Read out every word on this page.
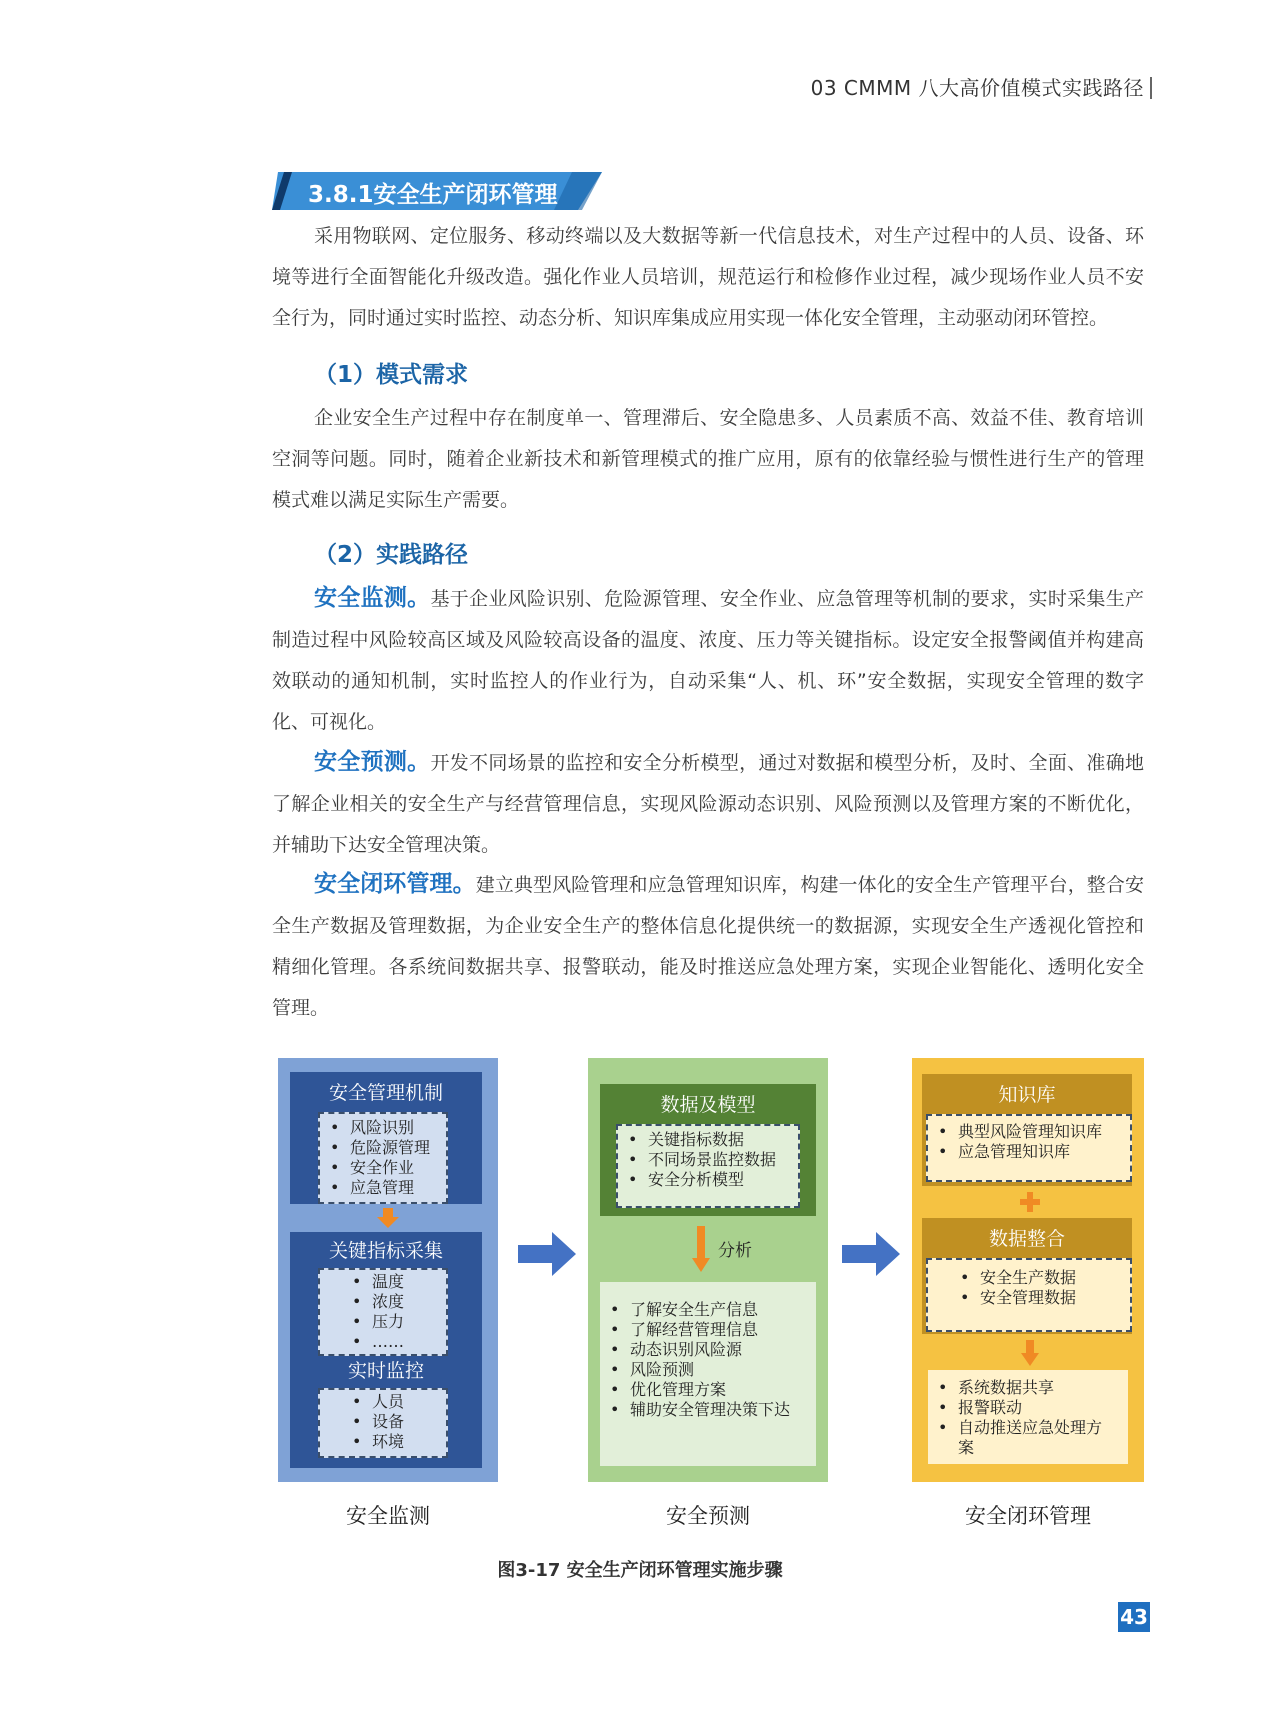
03 CMMM 八大高价值模式实践路径
3.8.1安全生产闭环管理
采用物联网、定位服务、移动终端以及大数据等新一代信息技术，对生产过程中的人员、设备、环境等进行全面智能化升级改造。强化作业人员培训，规范运行和检修作业过程，减少现场作业人员不安全行为，同时通过实时监控、动态分析、知识库集成应用实现一体化安全管理，主动驱动闭环管控。
（1）模式需求
企业安全生产过程中存在制度单一、管理滞后、安全隐患多、人员素质不高、效益不佳、教育培训空洞等问题。同时，随着企业新技术和新管理模式的推广应用，原有的依靠经验与惯性进行生产的管理模式难以满足实际生产需要。
（2）实践路径
安全监测。基于企业风险识别、危险源管理、安全作业、应急管理等机制的要求，实时采集生产制造过程中风险较高区域及风险较高设备的温度、浓度、压力等关键指标。设定安全报警阈值并构建高效联动的通知机制，实时监控人的作业行为，自动采集“人、机、环”安全数据，实现安全管理的数字化、可视化。
安全预测。开发不同场景的监控和安全分析模型，通过对数据和模型分析，及时、全面、准确地了解企业相关的安全生产与经营管理信息，实现风险源动态识别、风险预测以及管理方案的不断优化，并辅助下达安全管理决策。
安全闭环管理。建立典型风险管理和应急管理知识库，构建一体化的安全生产管理平台，整合安全生产数据及管理数据，为企业安全生产的整体信息化提供统一的数据源，实现安全生产透视化管控和精细化管理。各系统间数据共享、报警联动，能及时推送应急处理方案，实现企业智能化、透明化安全管理。
安全管理机制
• 风险识别
• 危险源管理
• 安全作业
• 应急管理
关键指标采集
• 温度
• 浓度
• 压力
• ……
实时监控
• 人员
• 设备
• 环境
安全监测
数据及模型
• 关键指标数据
• 不同场景监控数据
• 安全分析模型
分析
• 了解安全生产信息
• 了解经营管理信息
• 动态识别风险源
• 风险预测
• 优化管理方案
• 辅助安全管理决策下达
安全预测
知识库
• 典型风险管理知识库
• 应急管理知识库
数据整合
• 安全生产数据
• 安全管理数据
• 系统数据共享
• 报警联动
• 自动推送应急处理方案
安全闭环管理
图3-17 安全生产闭环管理实施步骤
43
